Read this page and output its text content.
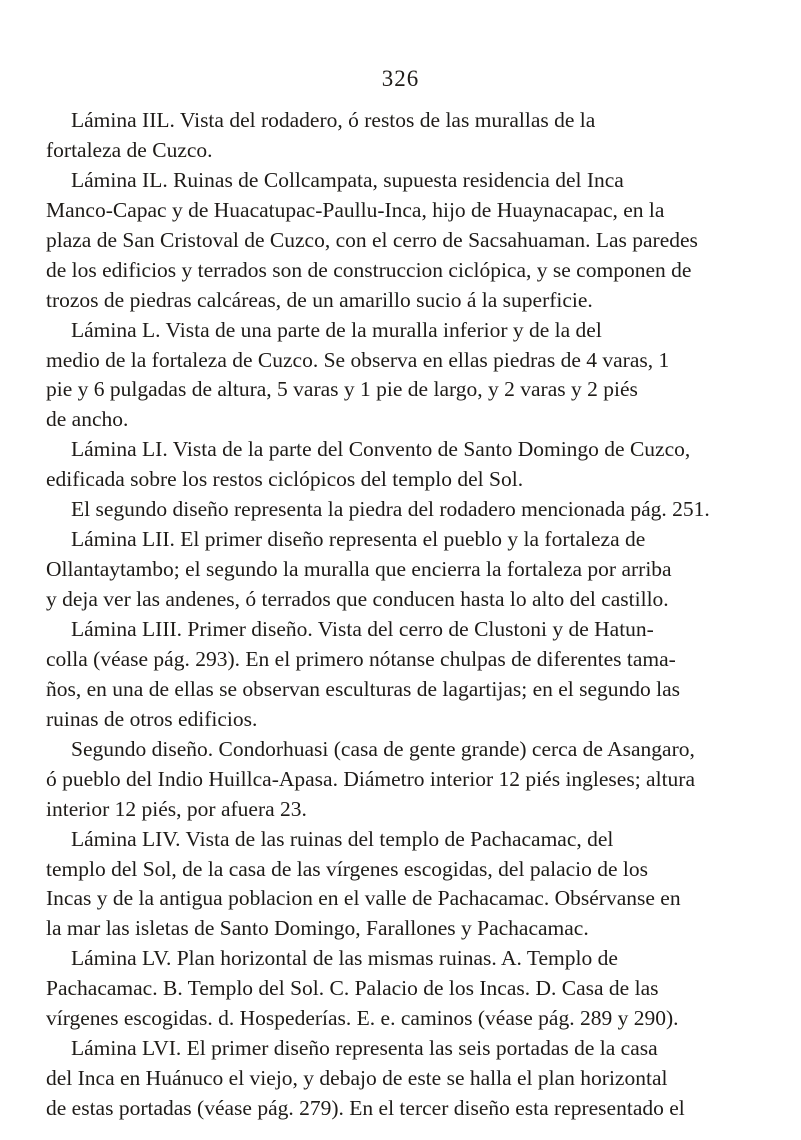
326
Lámina IIL. Vista del rodadero, ó restos de las murallas de la
fortaleza de Cuzco.
Lámina IL. Ruinas de Collcampata, supuesta residencia del Inca
Manco-Capac y de Huacatupac-Paullu-Inca, hijo de Huaynacapac, en la
plaza de San Cristoval de Cuzco, con el cerro de Sacsahuaman. Las paredes
de los edificios y terrados son de construccion ciclópica, y se componen de
trozos de piedras calcáreas, de un amarillo sucio á la superficie.
Lámina L. Vista de una parte de la muralla inferior y de la del
medio de la fortaleza de Cuzco. Se observa en ellas piedras de 4 varas, 1
pie y 6 pulgadas de altura, 5 varas y 1 pie de largo, y 2 varas y 2 piés
de ancho.
Lámina LI. Vista de la parte del Convento de Santo Domingo de Cuzco,
edificada sobre los restos ciclópicos del templo del Sol.
El segundo diseño representa la piedra del rodadero mencionada pág. 251.
Lámina LII. El primer diseño representa el pueblo y la fortaleza de
Ollantaytambo; el segundo la muralla que encierra la fortaleza por arriba
y deja ver las andenes, ó terrados que conducen hasta lo alto del castillo.
Lámina LIII. Primer diseño. Vista del cerro de Clustoni y de Hatun-
colla (véase pág. 293). En el primero nótanse chulpas de diferentes tama-
ños, en una de ellas se observan esculturas de lagartijas; en el segundo las
ruinas de otros edificios.
Segundo diseño. Condorhuasi (casa de gente grande) cerca de Asangaro,
ó pueblo del Indio Huillca-Apasa. Diámetro interior 12 piés ingleses; altura
interior 12 piés, por afuera 23.
Lámina LIV. Vista de las ruinas del templo de Pachacamac, del
templo del Sol, de la casa de las vírgenes escogidas, del palacio de los
Incas y de la antigua poblacion en el valle de Pachacamac. Obsérvanse en
la mar las isletas de Santo Domingo, Farallones y Pachacamac.
Lámina LV. Plan horizontal de las mismas ruinas. A. Templo de
Pachacamac. B. Templo del Sol. C. Palacio de los Incas. D. Casa de las
vírgenes escogidas. d. Hospederías. E. e. caminos (véase pág. 289 y 290).
Lámina LVI. El primer diseño representa las seis portadas de la casa
del Inca en Huánuco el viejo, y debajo de este se halla el plan horizontal
de estas portadas (véase pág. 279). En el tercer diseño esta representado el
